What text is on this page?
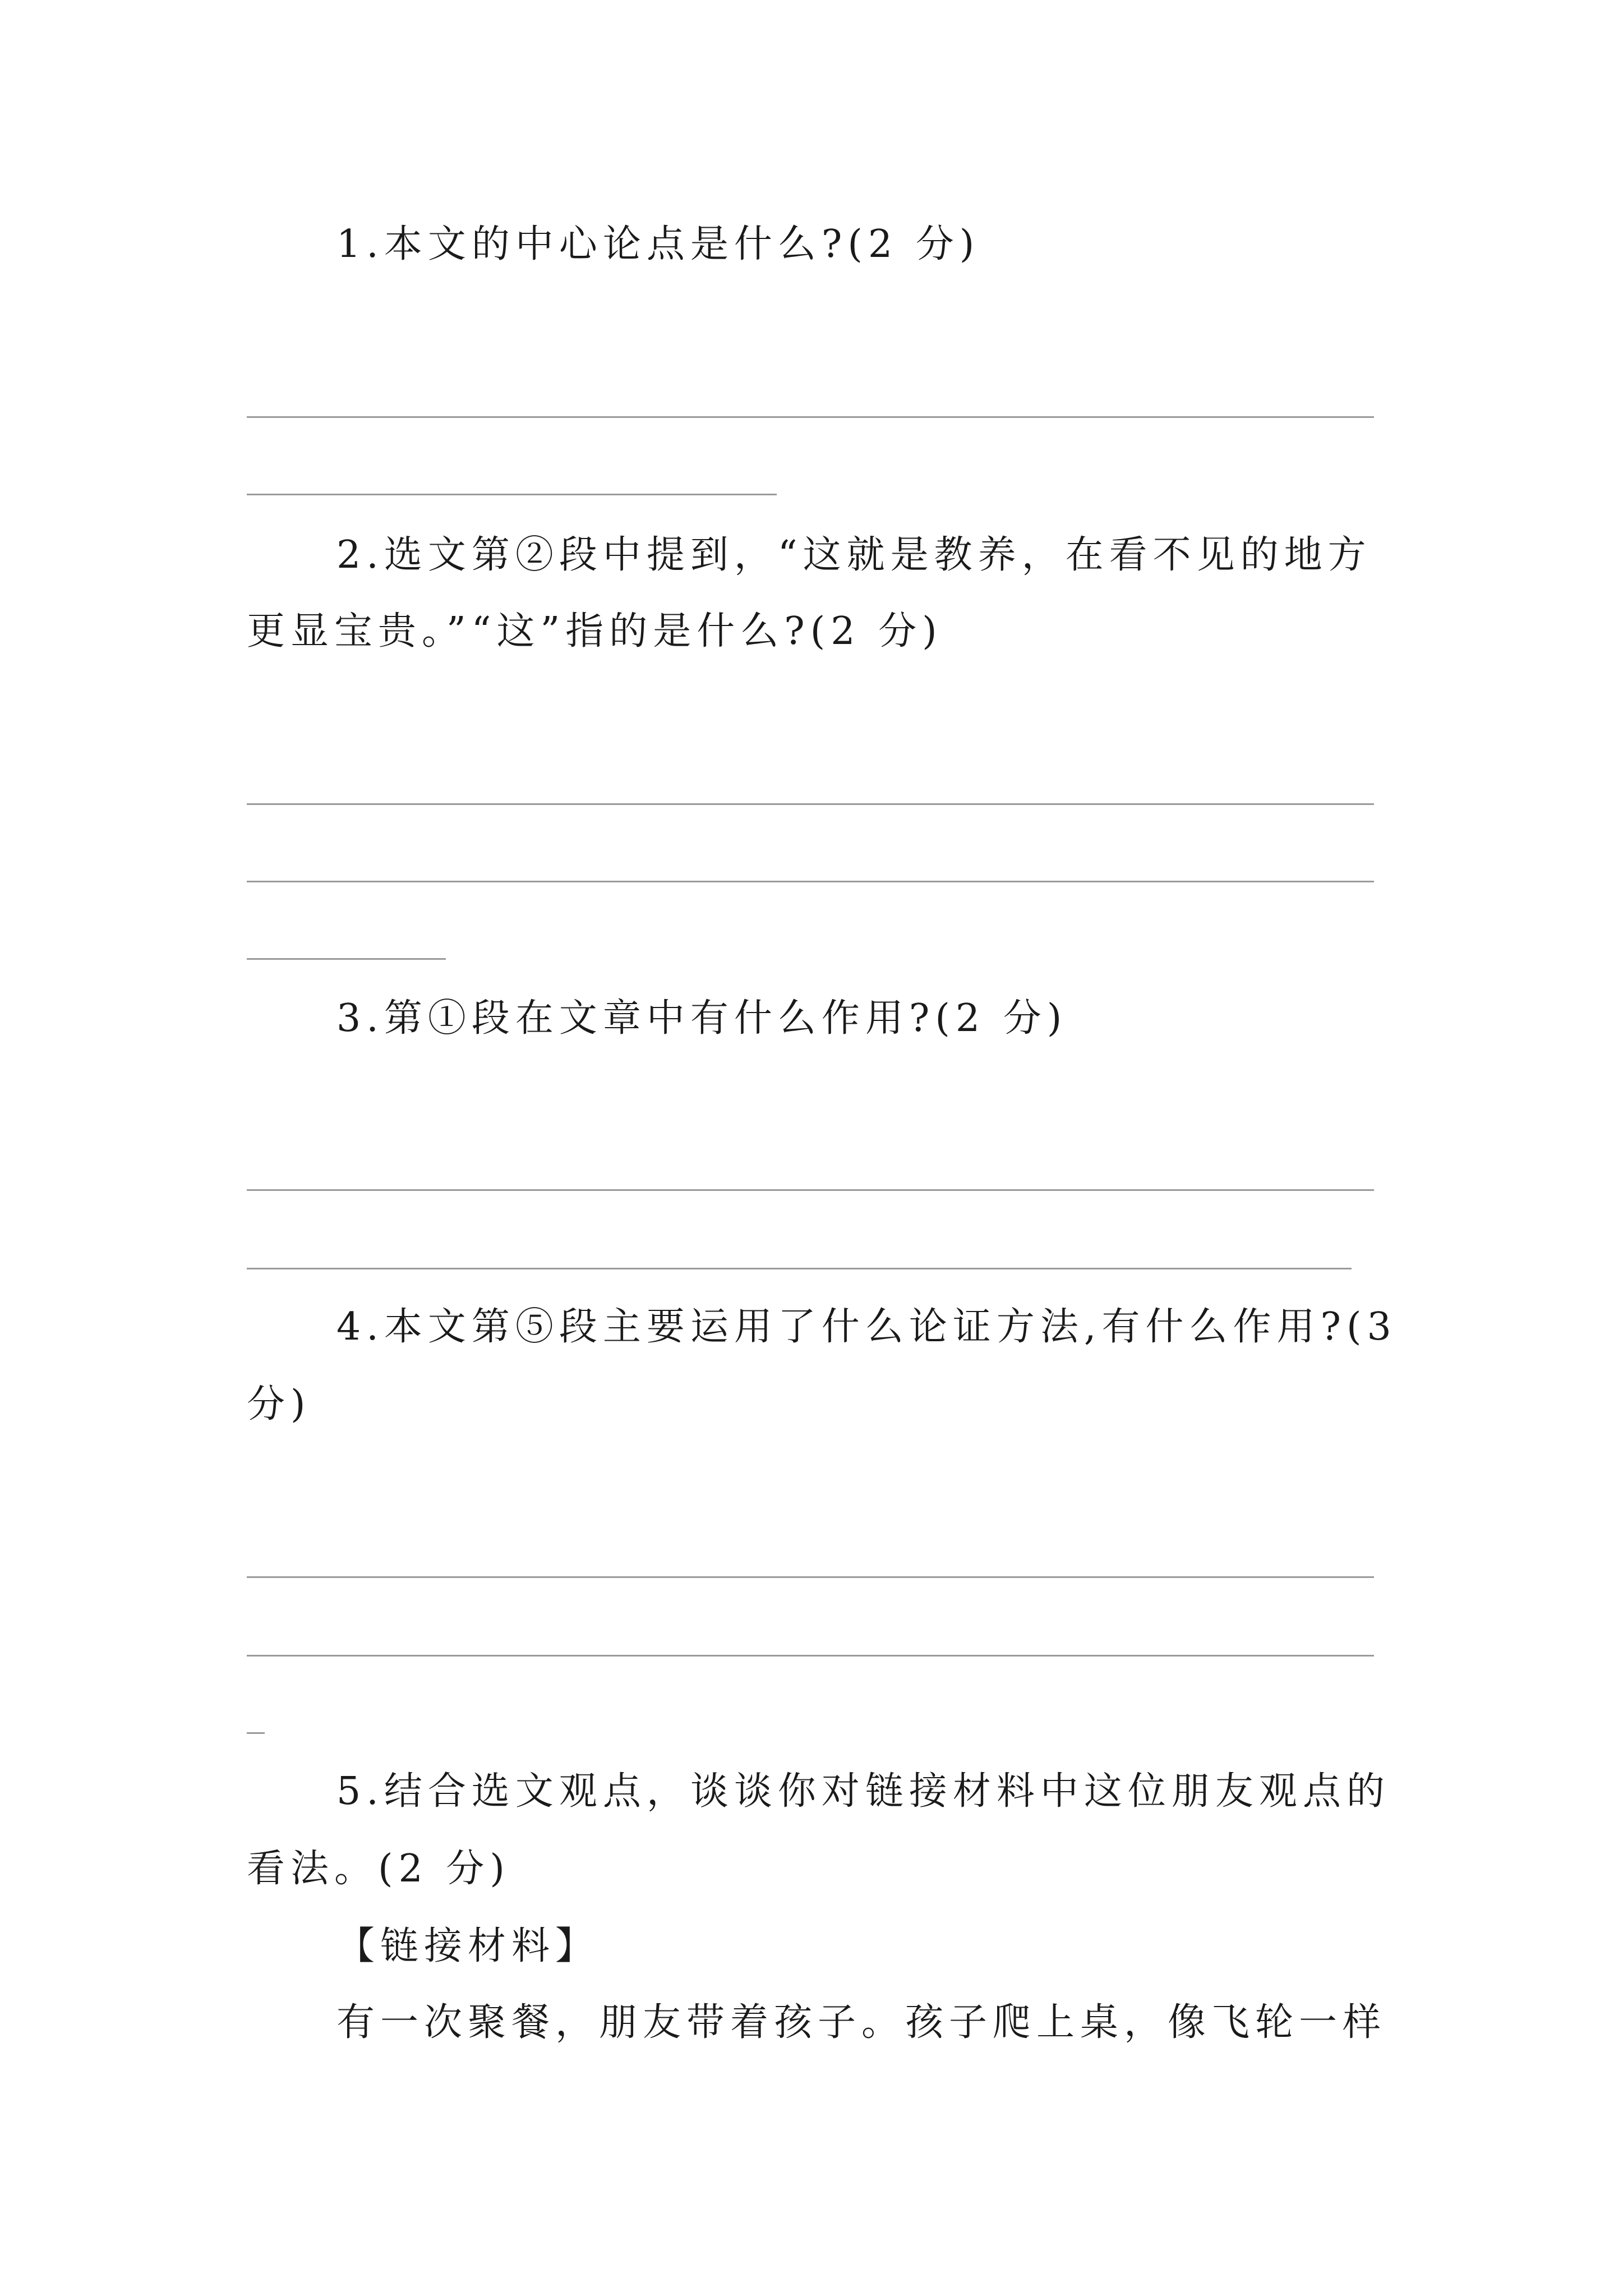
1.本文的中心论点是什么?(2 分)
2.选文第②段中提到，“这就是教养，在看不见的地方
更显宝贵。”“这”指的是什么?(2 分)
3.第①段在文章中有什么作用?(2 分)
4.本文第⑤段主要运用了什么论证方法,有什么作用?(3
分)
5.结合选文观点，谈谈你对链接材料中这位朋友观点的
看法。(2 分)
【链接材料】
有一次聚餐，朋友带着孩子。孩子爬上桌，像飞轮一样
